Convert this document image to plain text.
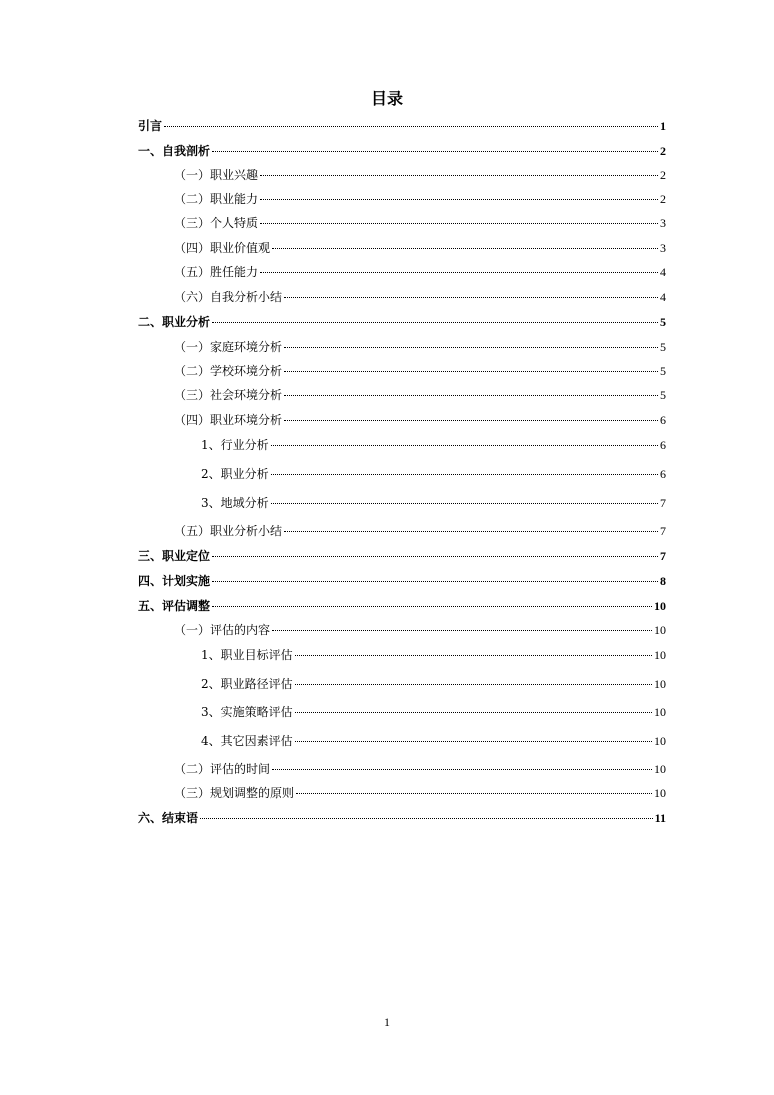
目录
引言	1
一、自我剖析	2
（一）职业兴趣	2
（二）职业能力	2
（三）个人特质	3
（四）职业价值观	3
（五）胜任能力	4
（六）自我分析小结	4
二、职业分析	5
（一）家庭环境分析	5
（二）学校环境分析	5
（三）社会环境分析	5
（四）职业环境分析	6
1、行业分析	6
2、职业分析	6
3、地域分析	7
（五）职业分析小结	7
三、职业定位	7
四、计划实施	8
五、评估调整	10
（一）评估的内容	10
1、职业目标评估	10
2、职业路径评估	10
3、实施策略评估	10
4、其它因素评估	10
（二）评估的时间	10
（三）规划调整的原则	10
六、结束语	11
1
